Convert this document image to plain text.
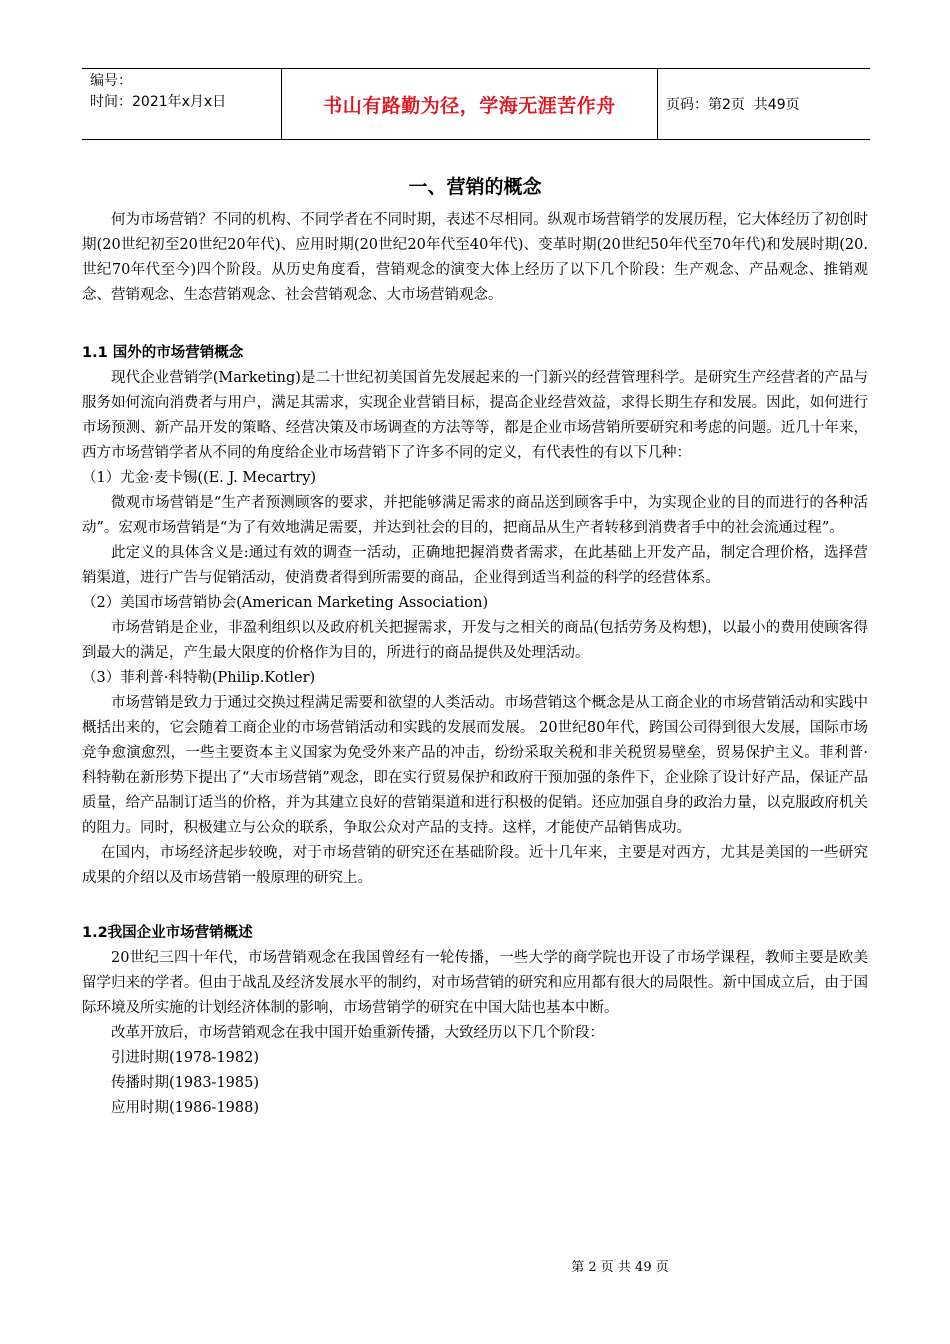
编号：
时间：2021年x月x日	书山有路勤为径，学海无涯苦作舟	页码：第2页  共49页
一、营销的概念

何为市场营销？不同的机构、不同学者在不同时期，表述不尽相同。纵观市场营销学的发展历程，它大体经历了初创时期(20世纪初至20世纪20年代)、应用时期(20世纪20年代至40年代)、变革时期(20世纪50年代至70年代)和发展时期(20.世纪70年代至今)四个阶段。从历史角度看，营销观念的演变大体上经历了以下几个阶段：生产观念、产品观念、推销观念、营销观念、生态营销观念、社会营销观念、大市场营销观念。

1.1 国外的市场营销概念

现代企业营销学(Marketing)是二十世纪初美国首先发展起来的一门新兴的经营管理科学。是研究生产经营者的产品与服务如何流向消费者与用户，满足其需求，实现企业营销目标，提高企业经营效益，求得长期生存和发展。因此，如何进行市场预测、新产品开发的策略、经营决策及市场调查的方法等等，都是企业市场营销所要研究和考虑的问题。近几十年来，西方市场营销学者从不同的角度给企业市场营销下了许多不同的定义，有代表性的有以下几种：

（1）尤金·麦卡锡((E. J. Mecartry)

微观市场营销是“生产者预测顾客的要求，并把能够满足需求的商品送到顾客手中，为实现企业的目的而进行的各种活动”。宏观市场营销是“为了有效地满足需要，并达到社会的目的，把商品从生产者转移到消费者手中的社会流通过程”。

此定义的具体含义是:通过有效的调查一活动，正确地把握消费者需求，在此基础上开发产品，制定合理价格，选择营销渠道，进行广告与促销活动，使消费者得到所需要的商品，企业得到适当利益的科学的经营体系。

（2）美国市场营销协会(American Marketing Association)

市场营销是企业，非盈利组织以及政府机关把握需求，开发与之相关的商品(包括劳务及构想)，以最小的费用使顾客得到最大的满足，产生最大限度的价格作为目的，所进行的商品提供及处理活动。

（3）菲利普·科特勒(Philip.Kotler)

市场营销是致力于通过交换过程满足需要和欲望的人类活动。市场营销这个概念是从工商企业的市场营销活动和实践中概括出来的，它会随着工商企业的市场营销活动和实践的发展而发展。 20世纪80年代，跨国公司得到很大发展，国际市场竞争愈演愈烈，一些主要资本主义国家为免受外来产品的冲击，纷纷采取关税和非关税贸易壁垒，贸易保护主义。菲利普·科特勒在新形势下提出了“大市场营销”观念，即在实行贸易保护和政府干预加强的条件下，企业除了设计好产品，保证产品质量，给产品制订适当的价格，并为其建立良好的营销渠道和进行积极的促销。还应加强自身的政治力量，以克服政府机关的阻力。同时，积极建立与公众的联系，争取公众对产品的支持。这样，才能使产品销售成功。

在国内，市场经济起步较晚，对于市场营销的研究还在基础阶段。近十几年来，主要是对西方，尤其是美国的一些研究成果的介绍以及市场营销一般原理的研究上。

1.2我国企业市场营销概述

20世纪三四十年代，市场营销观念在我国曾经有一轮传播，一些大学的商学院也开设了市场学课程，教师主要是欧美留学归来的学者。但由于战乱及经济发展水平的制约，对市场营销的研究和应用都有很大的局限性。新中国成立后，由于国际环境及所实施的计划经济体制的影响，市场营销学的研究在中国大陆也基本中断。

改革开放后，市场营销观念在我中国开始重新传播，大致经历以下几个阶段：

引进时期(1978-1982)

传播时期(1983-1985)

应用时期(1986-1988)

第 2 页 共 49 页
